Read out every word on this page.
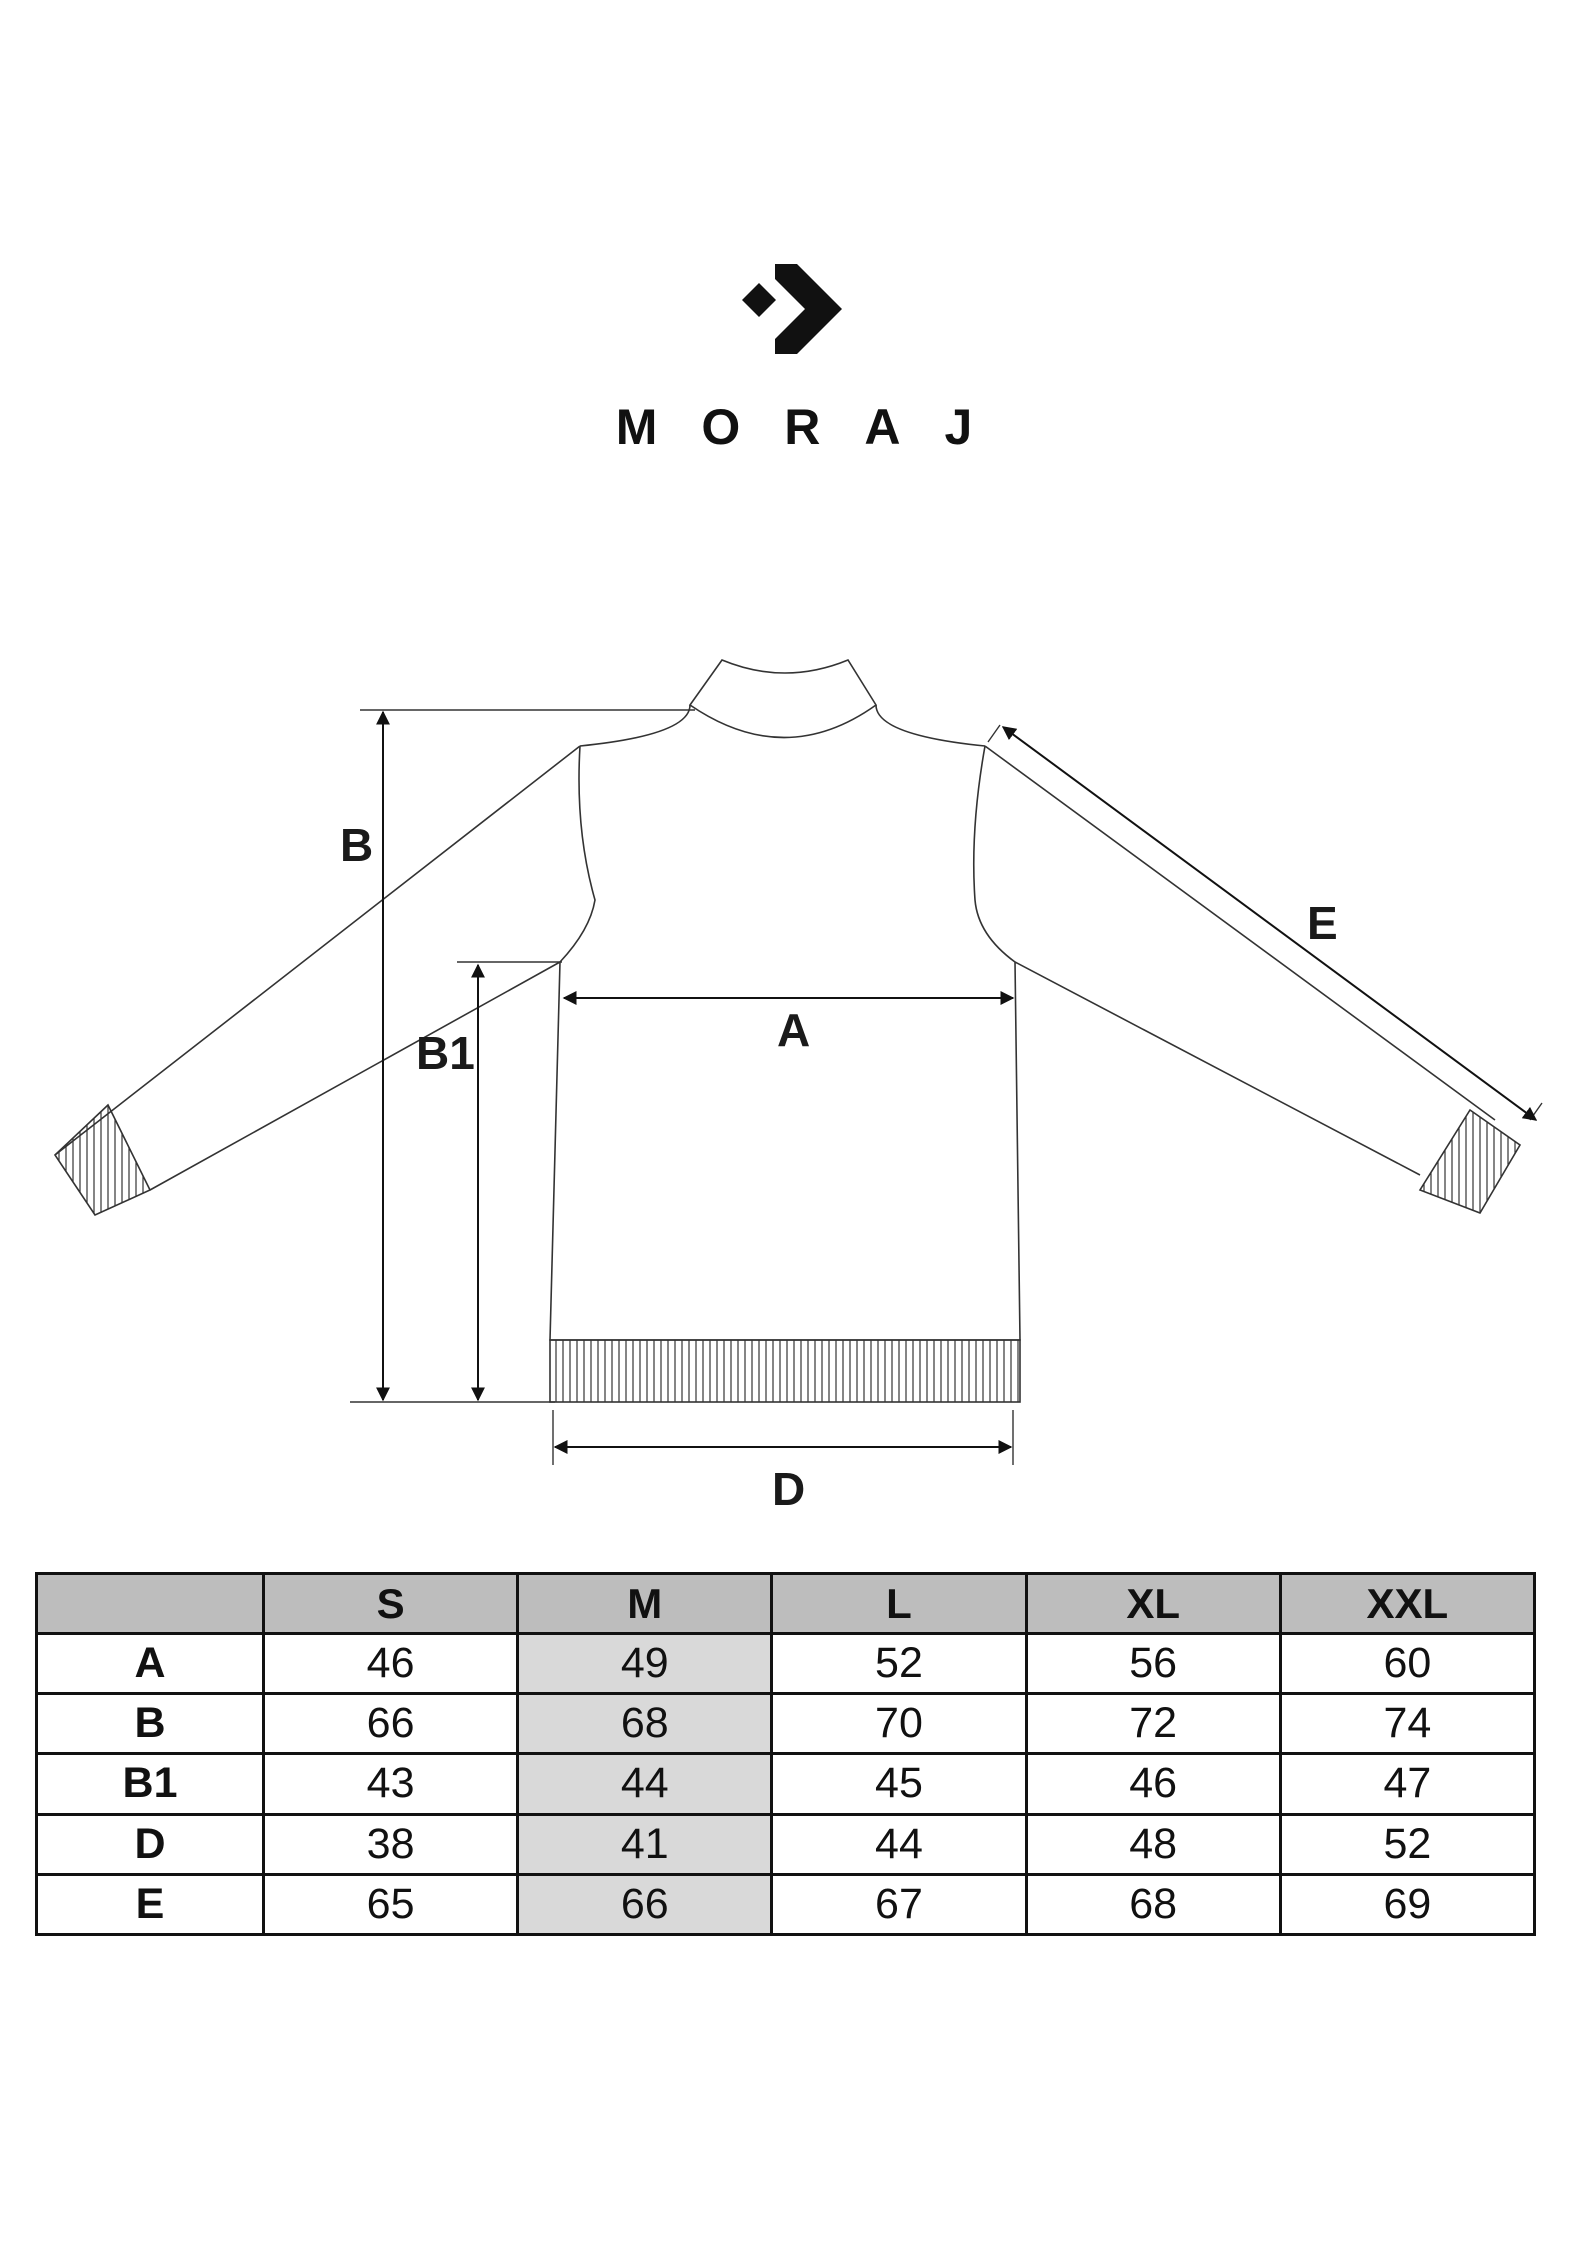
MORAJ
B
B1	A
D
E
	S	M	L	XL	XXL
A	46	49	52	56	60
B	66	68	70	72	74
B1	43	44	45	46	47
D	38	41	44	48	52
E	65	66	67	68	69
